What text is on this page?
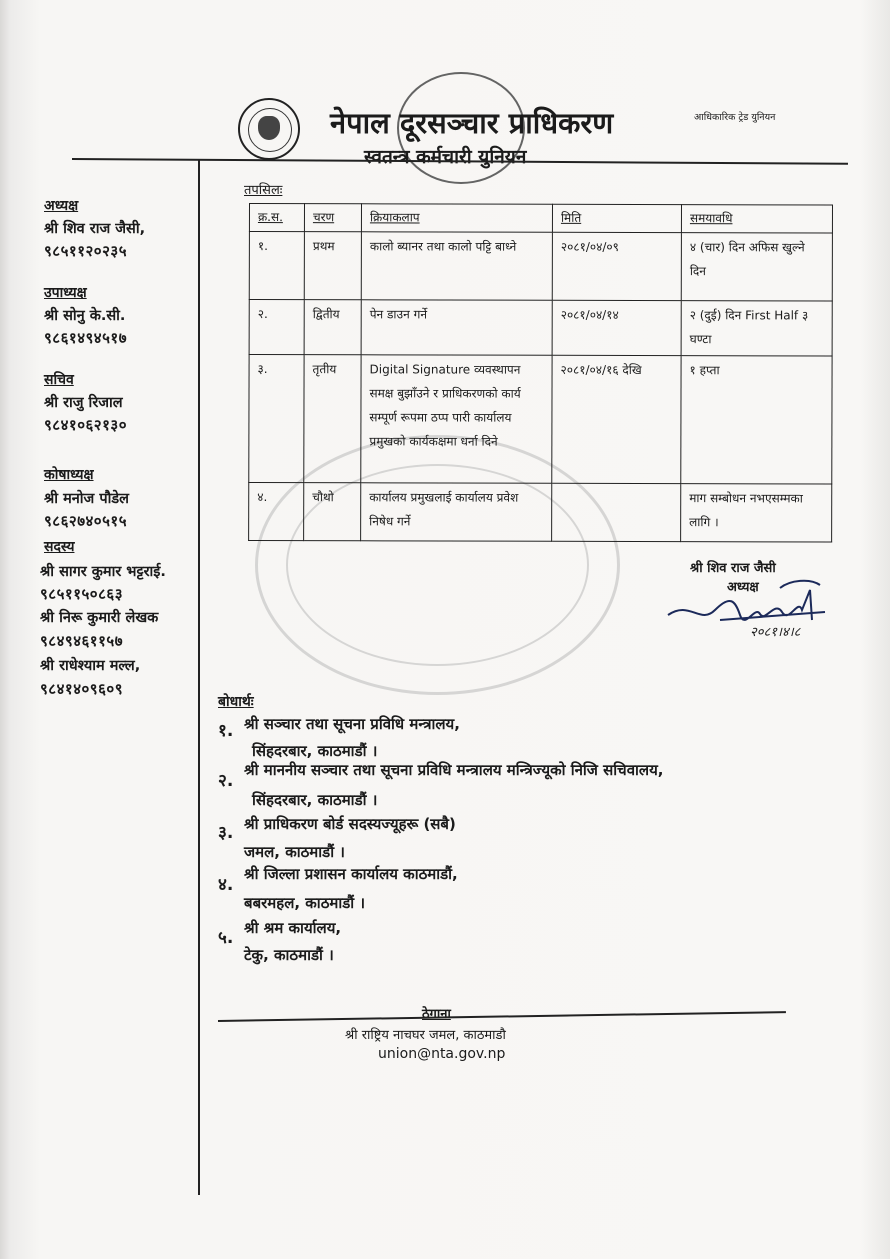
नेपाल दूरसञ्चार प्राधिकरण
स्वतन्त्र कर्मचारी युनियन
आधिकारिक ट्रेड युनियन
अध्यक्ष
श्री शिव राज जैसी,
९८५११२०२३५
उपाध्यक्ष
श्री सोनु के.सी.
९८६१४९४५१७
सचिव
श्री राजु रिजाल
९८४१०६२१३०
कोषाध्यक्ष
श्री मनोज पौडेल
९८६२७४०५१५
सदस्य
श्री सागर कुमार भट्टराई.
९८५११५०८६३
श्री निरू कुमारी लेखक
९८४९४६११५७
श्री राधेश्याम मल्ल,
९८४१४०९६०९
तपसिलः
क्र.स.	चरण	क्रियाकलाप	मिति	समयावधि
१.	प्रथम	कालो ब्यानर तथा कालो पट्टि बाध्ने	२०८१/०४/०९	४ (चार) दिन अफिस खुल्ने दिन
२.	द्वितीय	पेन डाउन गर्ने	२०८१/०४/१४	२ (दुई) दिन First Half ३ घण्टा
३.	तृतीय	Digital Signature व्यवस्थापन समक्ष बुझाँउने र प्राधिकरणको कार्य सम्पूर्ण रूपमा ठप्प पारी कार्यालय प्रमुखको कार्यकक्षमा धर्ना दिने	२०८१/०४/१६ देखि	१ हप्ता
४.	चौथो	कार्यालय प्रमुखलाई कार्यालय प्रवेश निषेध गर्ने		माग सम्बोधन नभएसम्मका लागि ।
श्री शिव राज जैसी
अध्यक्ष
२०८१।४।८
बोधार्थः
१. श्री सञ्चार तथा सूचना प्रविधि मन्त्रालय,
सिंहदरबार, काठमाडौं ।
२.
श्री माननीय सञ्चार तथा सूचना प्रविधि मन्त्रालय मन्त्रिज्यूको निजि सचिवालय,
सिंहदरबार, काठमाडौं ।
३. श्री प्राधिकरण बोर्ड सदस्यज्यूहरू (सबै)
जमल, काठमाडौं ।
४.
श्री जिल्ला प्रशासन कार्यालय काठमाडौं,
बबरमहल, काठमाडौं ।
५. श्री श्रम कार्यालय,
टेकु, काठमाडौं ।
ठेगाना
श्री राष्ट्रिय नाचघर जमल, काठमाडौ
union@nta.gov.np
